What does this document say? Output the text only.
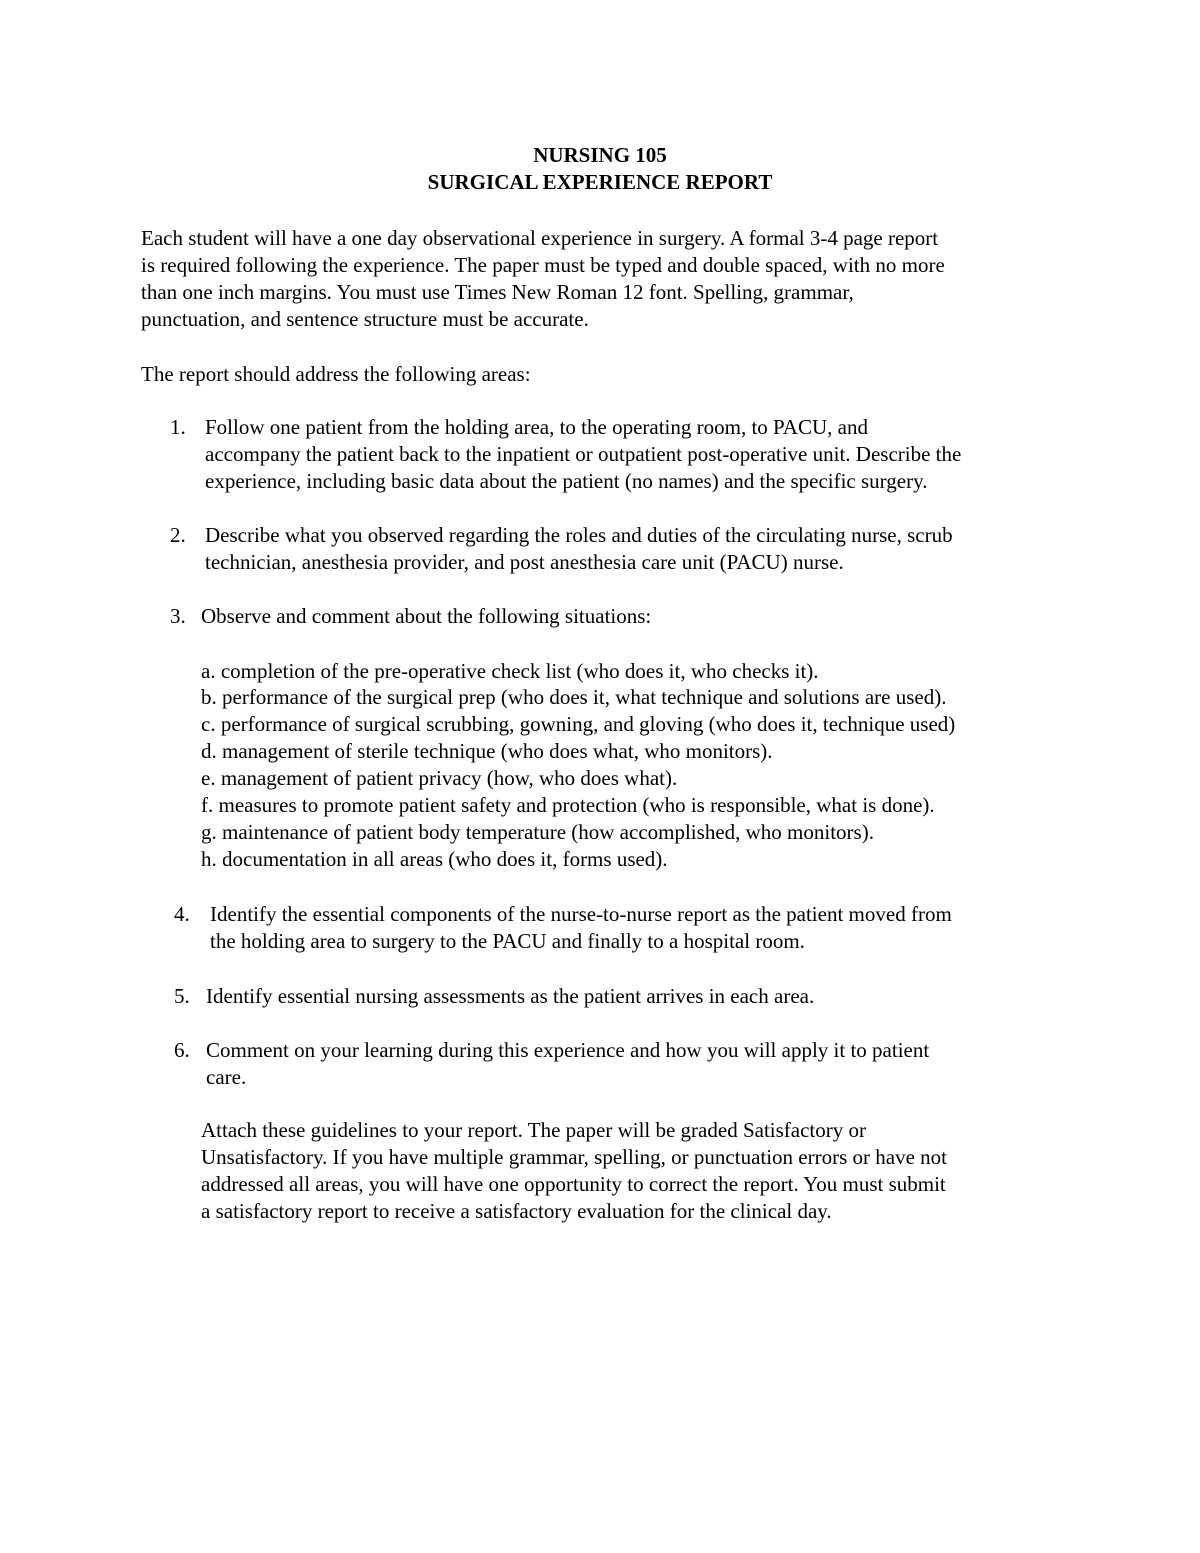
NURSING 105
SURGICAL EXPERIENCE REPORT
Each student will have a one day observational experience in surgery. A formal 3-4 page report
is required following the experience. The paper must be typed and double spaced, with no more
than one inch margins. You must use Times New Roman 12 font. Spelling, grammar,
punctuation, and sentence structure must be accurate.
The report should address the following areas:
1. Follow one patient from the holding area, to the operating room, to PACU, and
accompany the patient back to the inpatient or outpatient post-operative unit. Describe the
experience, including basic data about the patient (no names) and the specific surgery.
2. Describe what you observed regarding the roles and duties of the circulating nurse, scrub
technician, anesthesia provider, and post anesthesia care unit (PACU) nurse.
3. Observe and comment about the following situations:
a. completion of the pre-operative check list (who does it, who checks it).
b. performance of the surgical prep (who does it, what technique and solutions are used).
c. performance of surgical scrubbing, gowning, and gloving (who does it, technique used)
d. management of sterile technique (who does what, who monitors).
e. management of patient privacy (how, who does what).
f. measures to promote patient safety and protection (who is responsible, what is done).
g. maintenance of patient body temperature (how accomplished, who monitors).
h. documentation in all areas (who does it, forms used).
4. Identify the essential components of the nurse-to-nurse report as the patient moved from
the holding area to surgery to the PACU and finally to a hospital room.
5. Identify essential nursing assessments as the patient arrives in each area.
6. Comment on your learning during this experience and how you will apply it to patient
care.
Attach these guidelines to your report. The paper will be graded Satisfactory or
Unsatisfactory. If you have multiple grammar, spelling, or punctuation errors or have not
addressed all areas, you will have one opportunity to correct the report. You must submit
a satisfactory report to receive a satisfactory evaluation for the clinical day.
